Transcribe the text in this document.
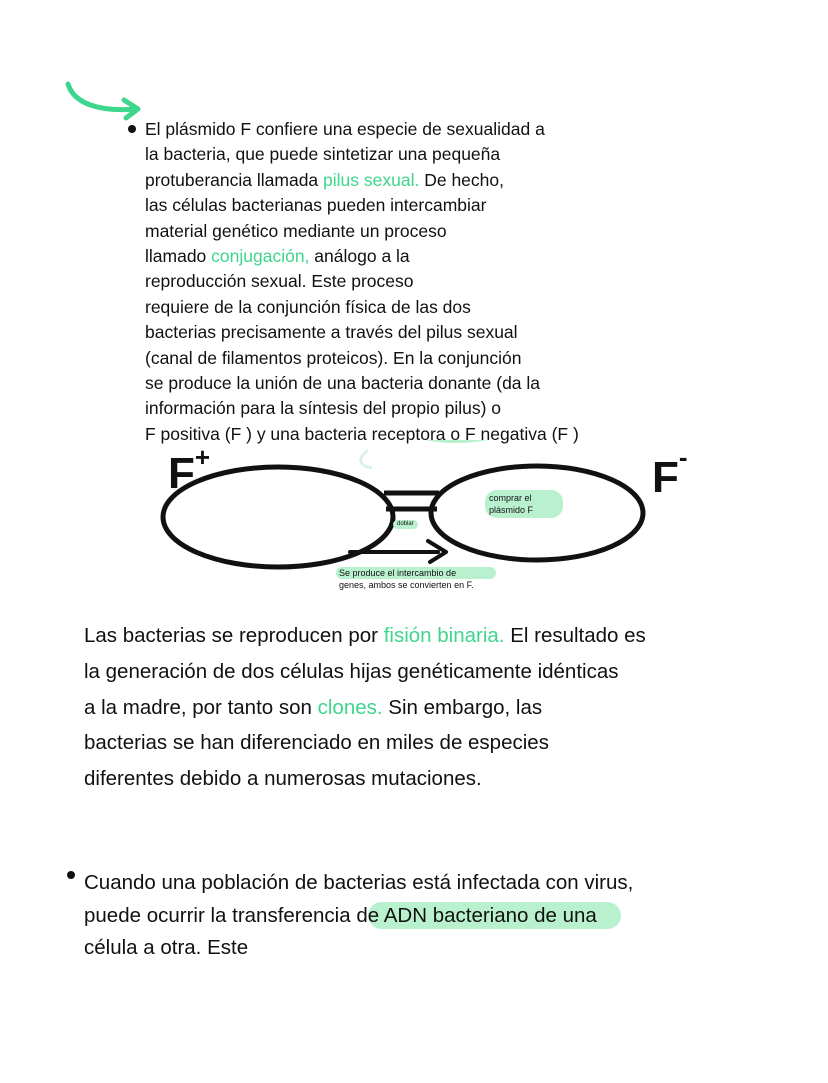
El plásmido F confiere una especie de sexualidad a
la bacteria, que puede sintetizar una pequeña
protuberancia llamada pilus sexual. De hecho,
las células bacterianas pueden intercambiar
material genético mediante un proceso
llamado conjugación, análogo a la
reproducción sexual. Este proceso
requiere de la conjunción física de las dos
bacterias precisamente a través del pilus sexual
(canal de filamentos proteicos). En la conjunción
se produce la unión de una bacteria donante (da la
información para la síntesis del propio pilus) o
F positiva (F ) y una bacteria receptora o F negativa (F )
F+	F-
comprar el
plásmido F
doblar
Se produce el intercambio de
genes, ambos se convierten en F.
Las bacterias se reproducen por fisión binaria. El resultado es
la generación de dos células hijas genéticamente idénticas
a la madre, por tanto son clones. Sin embargo, las
bacterias se han diferenciado en miles de especies
diferentes debido a numerosas mutaciones.
Cuando una población de bacterias está infectada con virus,
puede ocurrir la transferencia de ADN bacteriano de una
célula a otra. Este
